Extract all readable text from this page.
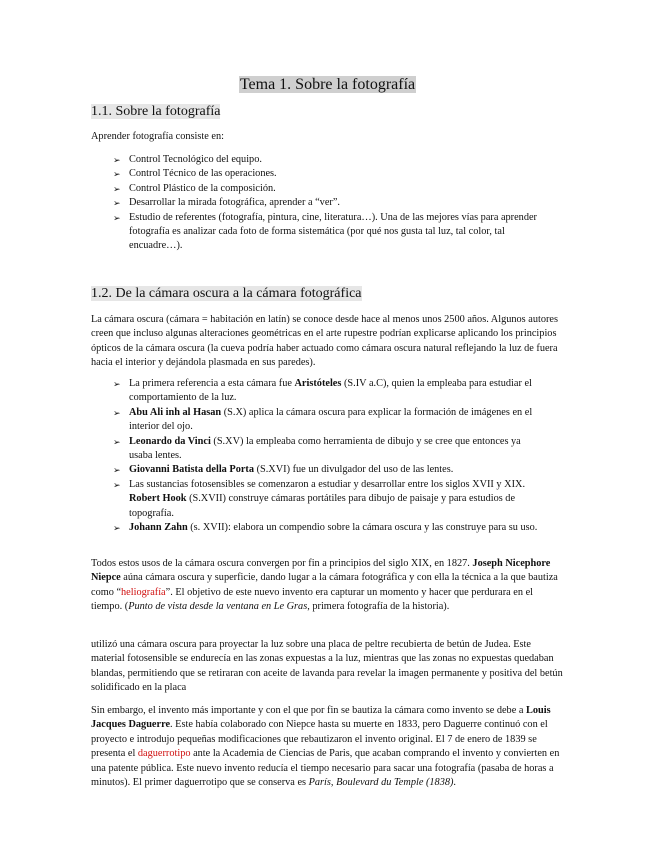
Tema 1. Sobre la fotografía
1.1. Sobre la fotografía

Aprender fotografía consiste en:

➢ Control Tecnológico del equipo.
➢ Control Técnico de las operaciones.
➢ Control Plástico de la composición.
➢ Desarrollar la mirada fotográfica, aprender a “ver”.
➢ Estudio de referentes (fotografía, pintura, cine, literatura…). Una de las mejores vías para aprender fotografía es analizar cada foto de forma sistemática (por qué nos gusta tal luz, tal color, tal encuadre…).
1.2. De la cámara oscura a la cámara fotográfica

La cámara oscura (cámara = habitación en latín) se conoce desde hace al menos unos 2500 años. Algunos autores creen que incluso algunas alteraciones geométricas en el arte rupestre podrían explicarse aplicando los principios ópticos de la cámara oscura (la cueva podría haber actuado como cámara oscura natural reflejando la luz de fuera hacia el interior y dejándola plasmada en sus paredes).

➢ La primera referencia a esta cámara fue Aristóteles (S.IV a.C), quien la empleaba para estudiar el comportamiento de la luz.
➢ Abu Ali inh al Hasan (S.X) aplica la cámara oscura para explicar la formación de imágenes en el interior del ojo.
➢ Leonardo da Vinci (S.XV) la empleaba como herramienta de dibujo y se cree que entonces ya usaba lentes.
➢ Giovanni Batista della Porta (S.XVI) fue un divulgador del uso de las lentes.
➢ Las sustancias fotosensibles se comenzaron a estudiar y desarrollar entre los siglos XVII y XIX. Robert Hook (S.XVII) construye cámaras portátiles para dibujo de paisaje y para estudios de topografía.
➢ Johann Zahn (s. XVII): elabora un compendio sobre la cámara oscura y las construye para su uso.

Todos estos usos de la cámara oscura convergen por fin a principios del siglo XIX, en 1827. Joseph Nicephore Niepce aúna cámara oscura y superficie, dando lugar a la cámara fotográfica y con ella la técnica a la que bautiza como “heliografía”. El objetivo de este nuevo invento era capturar un momento y hacer que perdurara en el tiempo. (Punto de vista desde la ventana en Le Gras, primera fotografía de la historia).

utilizó una cámara oscura para proyectar la luz sobre una placa de peltre recubierta de betún de Judea. Este material fotosensible se endurecía en las zonas expuestas a la luz, mientras que las zonas no expuestas quedaban blandas, permitiendo que se retiraran con aceite de lavanda para revelar la imagen permanente y positiva del betún solidificado en la placa

Sin embargo, el invento más importante y con el que por fin se bautiza la cámara como invento se debe a Louis Jacques Daguerre. Este había colaborado con Niepce hasta su muerte en 1833, pero Daguerre continuó con el proyecto e introdujo pequeñas modificaciones que rebautizaron el invento original. El 7 de enero de 1839 se presenta el daguerrotipo ante la Academia de Ciencias de Paris, que acaban comprando el invento y convierten en una patente pública. Este nuevo invento reducía el tiempo necesario para sacar una fotografía (pasaba de horas a minutos). El primer daguerrotipo que se conserva es París, Boulevard du Temple (1838).
